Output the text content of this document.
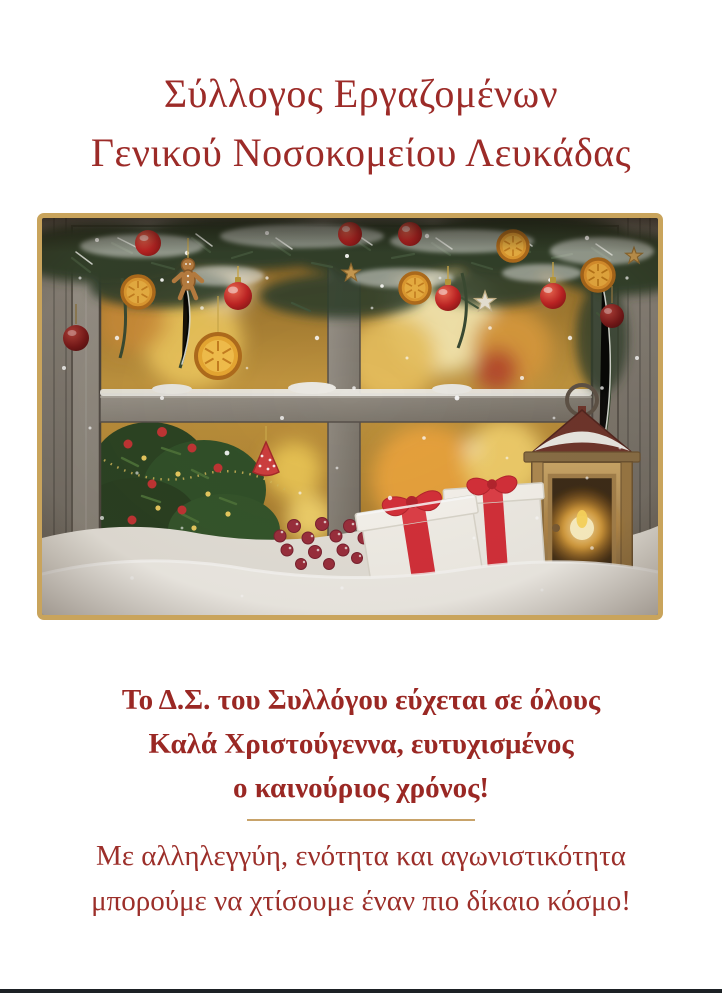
Σύλλογος Εργαζομένων
Γενικού Νοσοκομείου Λευκάδας
Το Δ.Σ. του Συλλόγου εύχεται σε όλους
Καλά Χριστούγεννα, ευτυχισμένος
ο καινούριος χρόνος!
Με αλληλεγγύη, ενότητα και αγωνιστικότητα
μπορούμε να χτίσουμε έναν πιο δίκαιο κόσμο!
